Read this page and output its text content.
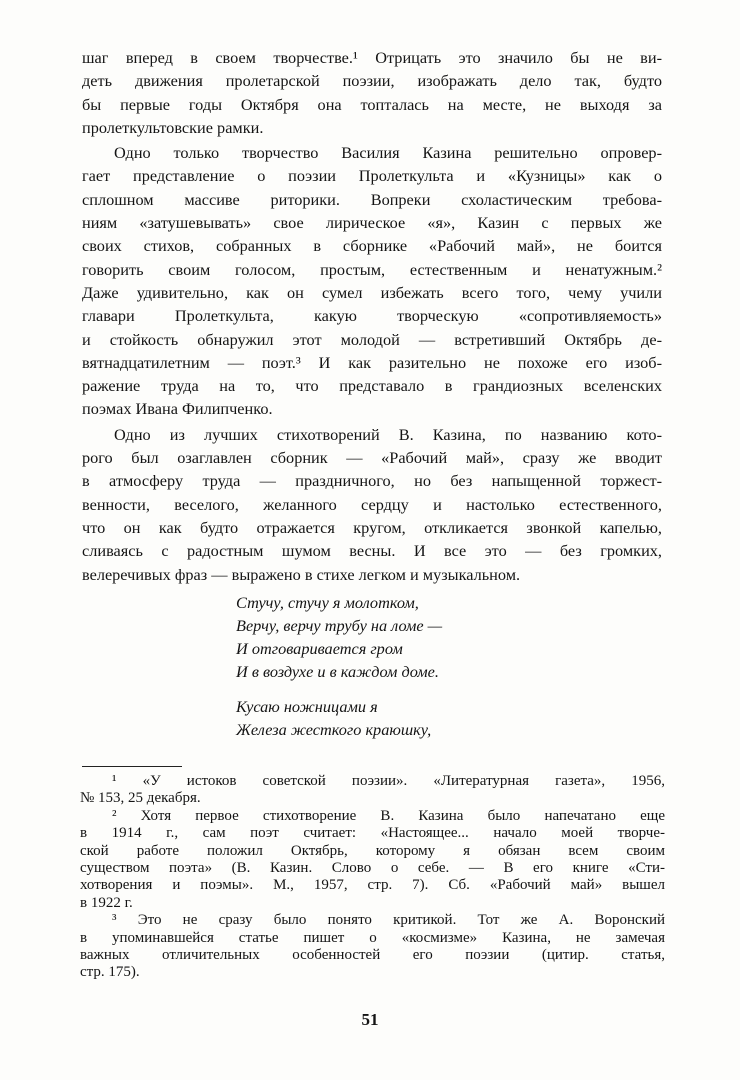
шаг вперед в своем творчестве.¹ Отрицать это значило бы не ви-
деть движения пролетарской поэзии, изображать дело так, будто
бы первые годы Октября она топталась на месте, не выходя за
пролеткультовские рамки.
Одно только творчество Василия Казина решительно опровер-
гает представление о поэзии Пролеткульта и «Кузницы» как о
сплошном массиве риторики. Вопреки схоластическим требова-
ниям «затушевывать» свое лирическое «я», Казин с первых же
своих стихов, собранных в сборнике «Рабочий май», не боится
говорить своим голосом, простым, естественным и ненатужным.²
Даже удивительно, как он сумел избежать всего того, чему учили
главари Пролеткульта, какую творческую «сопротивляемость»
и стойкость обнаружил этот молодой — встретивший Октябрь де-
вятнадцатилетним — поэт.³ И как разительно не похоже его изоб-
ражение труда на то, что представало в грандиозных вселенских
поэмах Ивана Филипченко.
Одно из лучших стихотворений В. Казина, по названию кото-
рого был озаглавлен сборник — «Рабочий май», сразу же вводит
в атмосферу труда — праздничного, но без напыщенной торжест-
венности, веселого, желанного сердцу и настолько естественного,
что он как будто отражается кругом, откликается звонкой капелью,
сливаясь с радостным шумом весны. И все это — без громких,
велеречивых фраз — выражено в стихе легком и музыкальном.
Стучу, стучу я молотком,
Верчу, верчу трубу на ломе —
И отговаривается гром
И в воздухе и в каждом доме.
Кусаю ножницами я
Железа жесткого краюшку,
¹ «У истоков советской поэзии». «Литературная газета», 1956,
№ 153, 25 декабря.
² Хотя первое стихотворение В. Казина было напечатано еще
в 1914 г., сам поэт считает: «Настоящее... начало моей творче-
ской работе положил Октябрь, которому я обязан всем своим
существом поэта» (В. Казин. Слово о себе. — В его книге «Сти-
хотворения и поэмы». М., 1957, стр. 7). Сб. «Рабочий май» вышел
в 1922 г.
³ Это не сразу было понято критикой. Тот же А. Воронский
в упоминавшейся статье пишет о «космизме» Казина, не замечая
важных отличительных особенностей его поэзии (цитир. статья,
стр. 175).
51
